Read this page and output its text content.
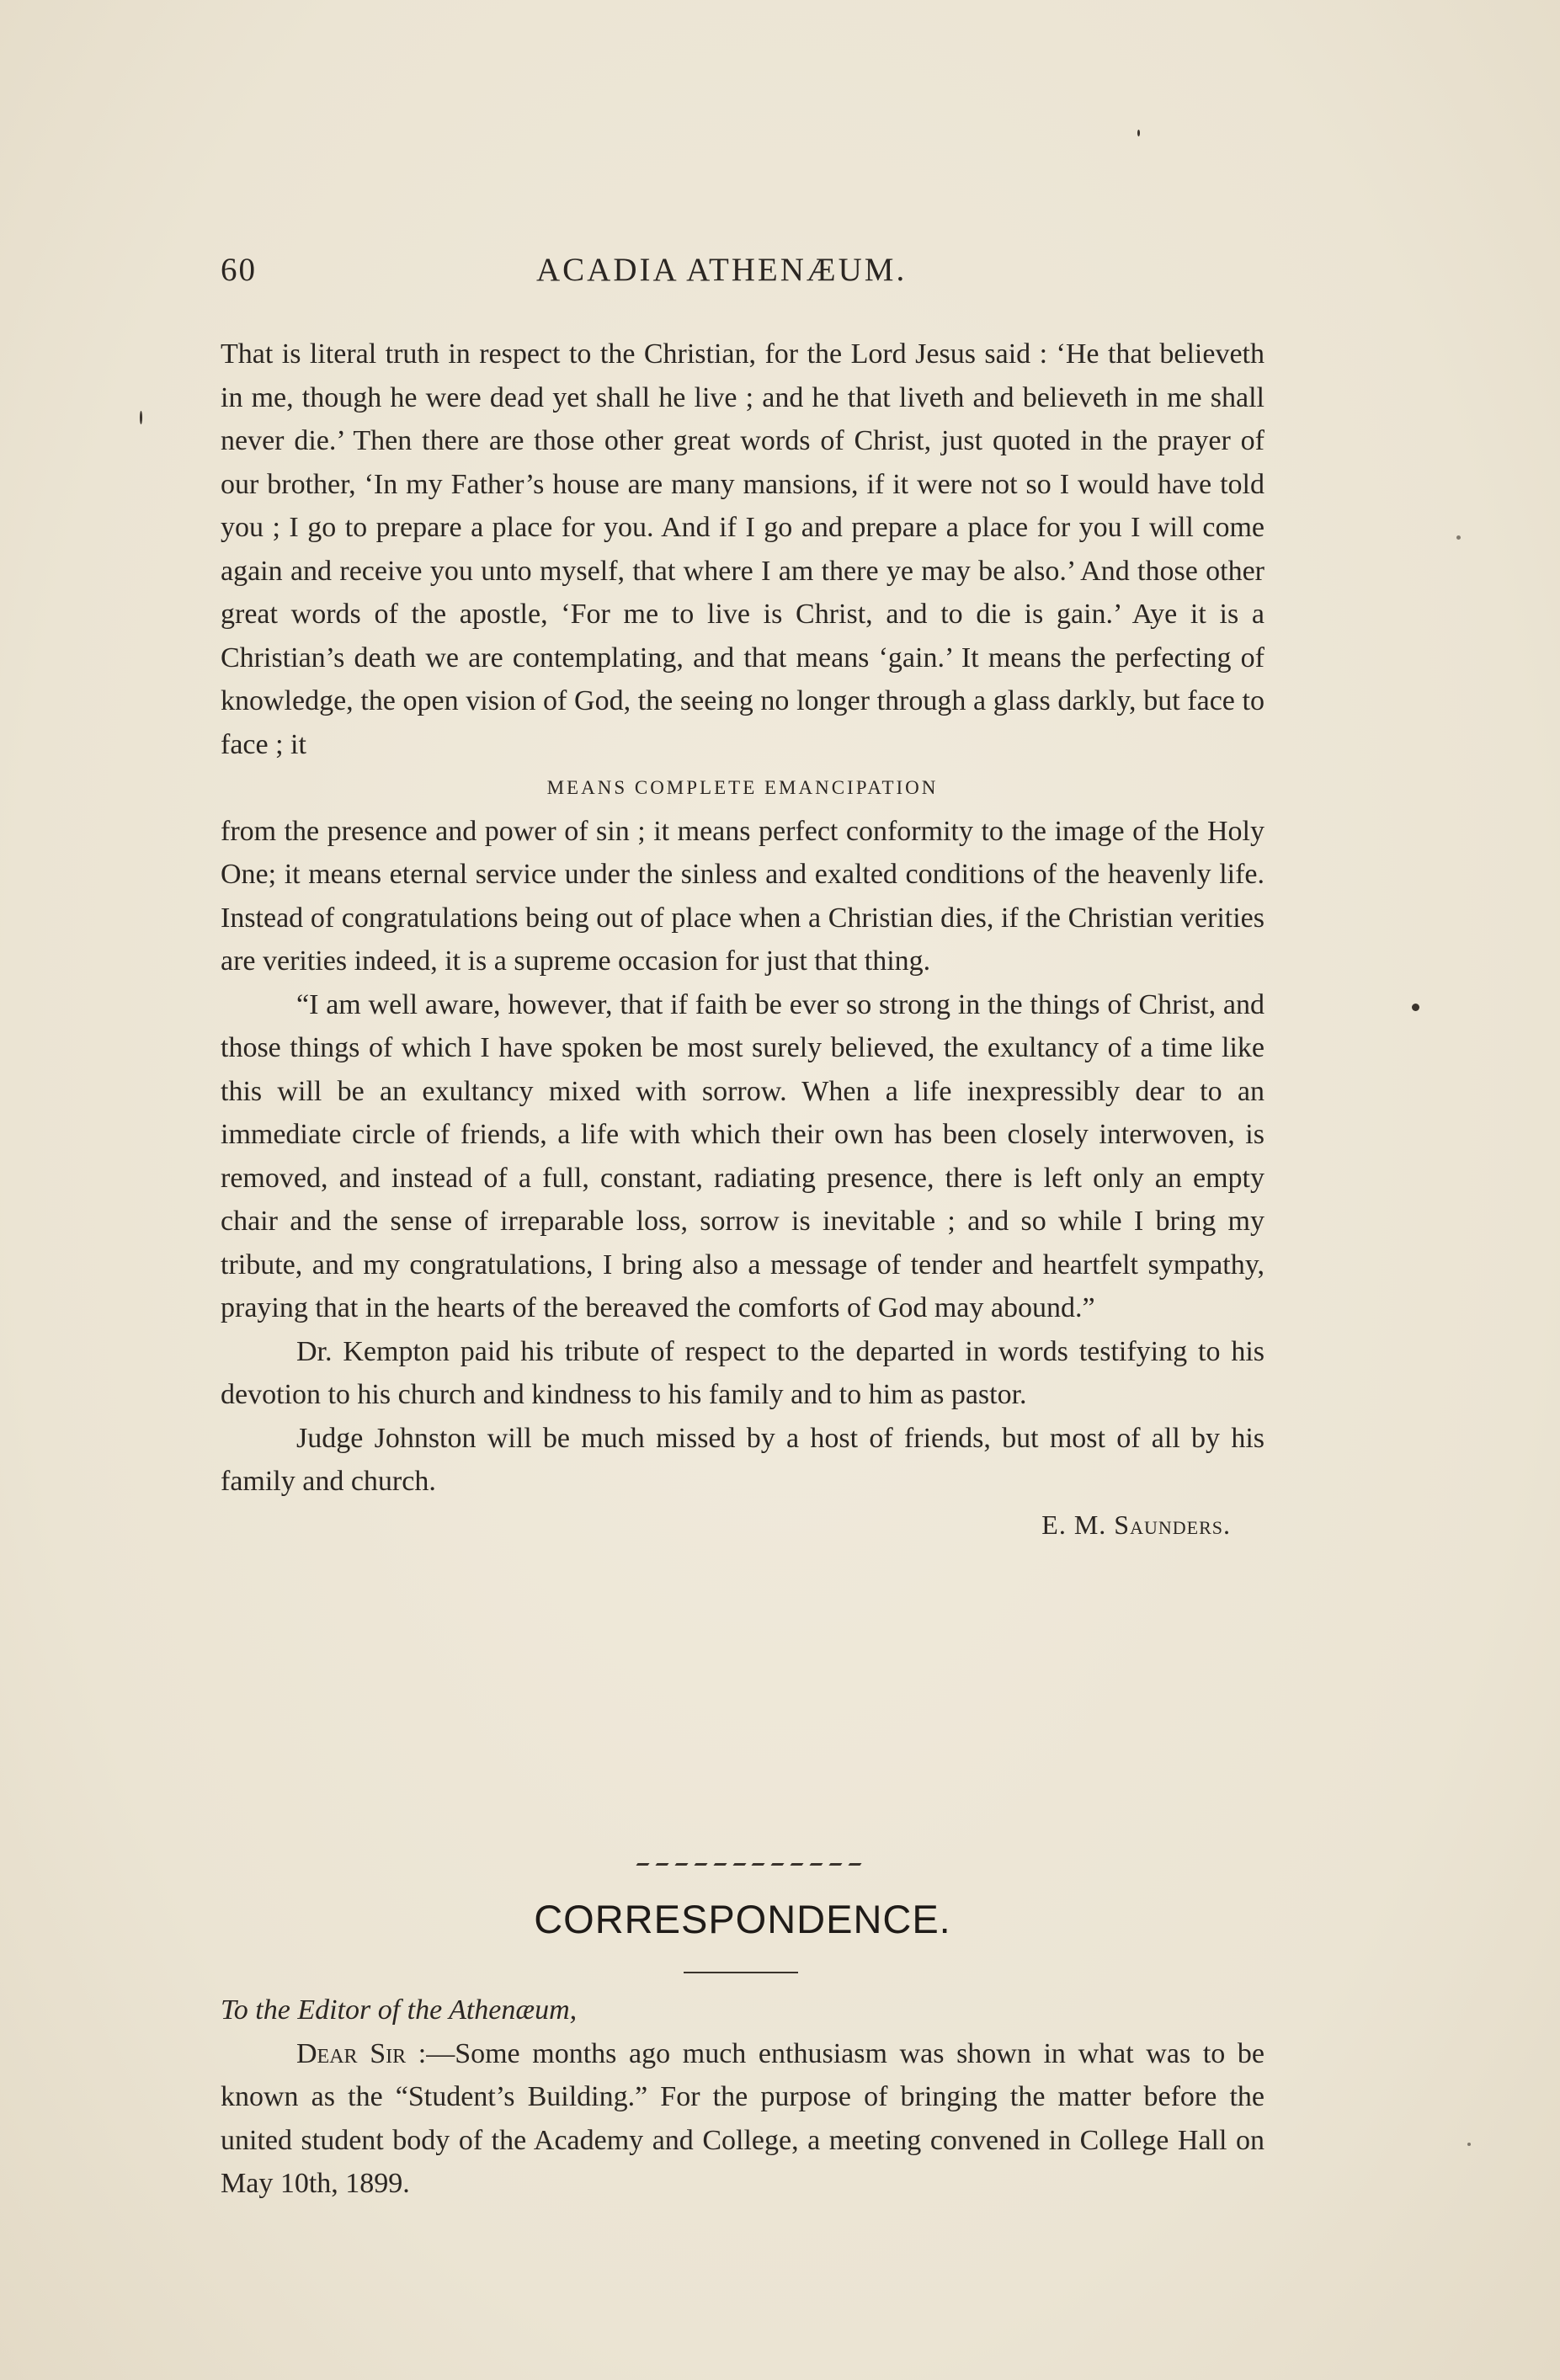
60	ACADIA ATHENÆUM.

That is literal truth in respect to the Christian, for the Lord Jesus said : ‘He that believeth in me, though he were dead yet shall he live ; and he that liveth and believeth in me shall never die.’ Then there are those other great words of Christ, just quoted in the prayer of our brother, ‘In my Father’s house are many mansions, if it were not so I would have told you ; I go to prepare a place for you. And if I go and prepare a place for you I will come again and receive you unto myself, that where I am there ye may be also.’ And those other great words of the apostle, ‘For me to live is Christ, and to die is gain.’ Aye it is a Christian’s death we are contemplating, and that means ‘gain.’ It means the perfecting of knowledge, the open vision of God, the seeing no longer through a glass darkly, but face to face ; it

MEANS COMPLETE EMANCIPATION

from the presence and power of sin ; it means perfect conformity to the image of the Holy One; it means eternal service under the sinless and exalted conditions of the heavenly life. Instead of congratulations being out of place when a Christian dies, if the Christian verities are verities indeed, it is a supreme occasion for just that thing.

“I am well aware, however, that if faith be ever so strong in the things of Christ, and those things of which I have spoken be most surely believed, the exultancy of a time like this will be an exultancy mixed with sorrow. When a life inexpressibly dear to an immediate circle of friends, a life with which their own has been closely interwoven, is removed, and instead of a full, constant, radiating presence, there is left only an empty chair and the sense of irreparable loss, sorrow is inevitable ; and so while I bring my tribute, and my congratulations, I bring also a message of tender and heartfelt sympathy, praying that in the hearts of the bereaved the comforts of God may abound.”

Dr. Kempton paid his tribute of respect to the departed in words testifying to his devotion to his church and kindness to his family and to him as pastor.

Judge Johnston will be much missed by a host of friends, but most of all by his family and church.

E. M. Saunders.

CORRESPONDENCE.

To the Editor of the Athenæum,

Dear Sir :—Some months ago much enthusiasm was shown in what was to be known as the “Student’s Building.” For the purpose of bringing the matter before the united student body of the Academy and College, a meeting convened in College Hall on May 10th, 1899.
